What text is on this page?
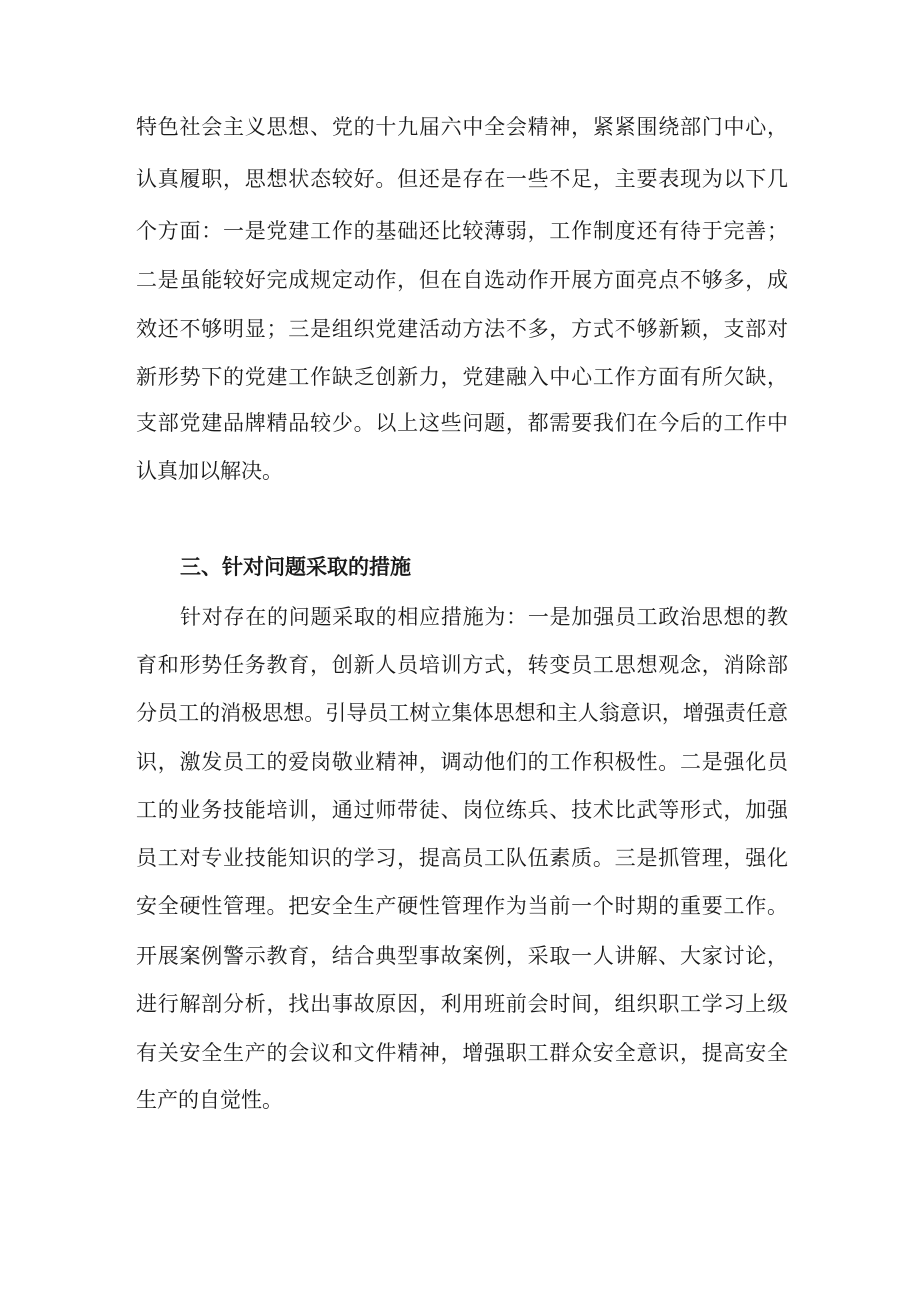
特色社会主义思想、党的十九届六中全会精神，紧紧围绕部门中心，
认真履职，思想状态较好。但还是存在一些不足，主要表现为以下几
个方面：一是党建工作的基础还比较薄弱，工作制度还有待于完善；
二是虽能较好完成规定动作，但在自选动作开展方面亮点不够多，成
效还不够明显；三是组织党建活动方法不多，方式不够新颖，支部对
新形势下的党建工作缺乏创新力，党建融入中心工作方面有所欠缺，
支部党建品牌精品较少。以上这些问题，都需要我们在今后的工作中
认真加以解决。
三、针对问题采取的措施
针对存在的问题采取的相应措施为：一是加强员工政治思想的教
育和形势任务教育，创新人员培训方式，转变员工思想观念，消除部
分员工的消极思想。引导员工树立集体思想和主人翁意识，增强责任意
识，激发员工的爱岗敬业精神，调动他们的工作积极性。二是强化员
工的业务技能培训，通过师带徒、岗位练兵、技术比武等形式，加强
员工对专业技能知识的学习，提高员工队伍素质。三是抓管理，强化
安全硬性管理。把安全生产硬性管理作为当前一个时期的重要工作。
开展案例警示教育，结合典型事故案例，采取一人讲解、大家讨论，
进行解剖分析，找出事故原因，利用班前会时间，组织职工学习上级
有关安全生产的会议和文件精神，增强职工群众安全意识，提高安全
生产的自觉性。
